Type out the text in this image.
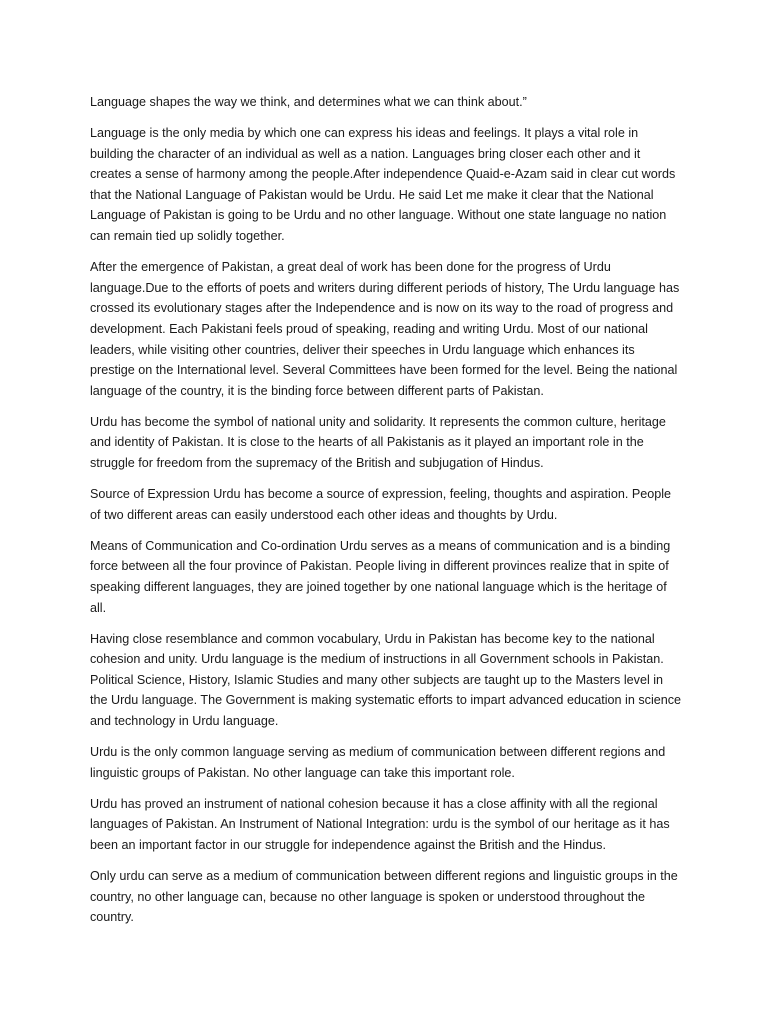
Language shapes the way we think, and determines what we can think about.”

Language is the only media by which one can express his ideas and feelings. It plays a vital role in building the character of an individual as well as a nation. Languages bring closer each other and it creates a sense of harmony among the people.After independence Quaid-e-Azam said in clear cut words that the National Language of Pakistan would be Urdu. He said Let me make it clear that the National Language of Pakistan is going to be Urdu and no other language. Without one state language no nation can remain tied up solidly together.

After the emergence of Pakistan, a great deal of work has been done for the progress of Urdu language.Due to the efforts of poets and writers during different periods of history, The Urdu language has crossed its evolutionary stages after the Independence and is now on its way to the road of progress and development. Each Pakistani feels proud of speaking, reading and writing Urdu. Most of our national leaders, while visiting other countries, deliver their speeches in Urdu language which enhances its prestige on the International level. Several Committees have been formed for the level. Being the national language of the country, it is the binding force between different parts of Pakistan.

Urdu has become the symbol of national unity and solidarity. It represents the common culture, heritage and identity of Pakistan. It is close to the hearts of all Pakistanis as it played an important role in the struggle for freedom from the supremacy of the British and subjugation of Hindus.

Source of Expression Urdu has become a source of expression, feeling, thoughts and aspiration. People of two different areas can easily understood each other ideas and thoughts by Urdu.

Means of Communication and Co-ordination Urdu serves as a means of communication and is a binding force between all the four province of Pakistan. People living in different provinces realize that in spite of speaking different languages, they are joined together by one national language which is the heritage of all.

Having close resemblance and common vocabulary, Urdu in Pakistan has become key to the national cohesion and unity. Urdu language is the medium of instructions in all Government schools in Pakistan. Political Science, History, Islamic Studies and many other subjects are taught up to the Masters level in the Urdu language. The Government is making systematic efforts to impart advanced education in science and technology in Urdu language.

Urdu is the only common language serving as medium of communication between different regions and linguistic groups of Pakistan. No other language can take this important role.

Urdu has proved an instrument of national cohesion because it has a close affinity with all the regional languages of Pakistan. An Instrument of National Integration: urdu is the symbol of our heritage as it has been an important factor in our struggle for independence against the British and the Hindus.

Only urdu can serve as a medium of communication between different regions and linguistic groups in the country, no other language can, because no other language is spoken or understood throughout the country.
